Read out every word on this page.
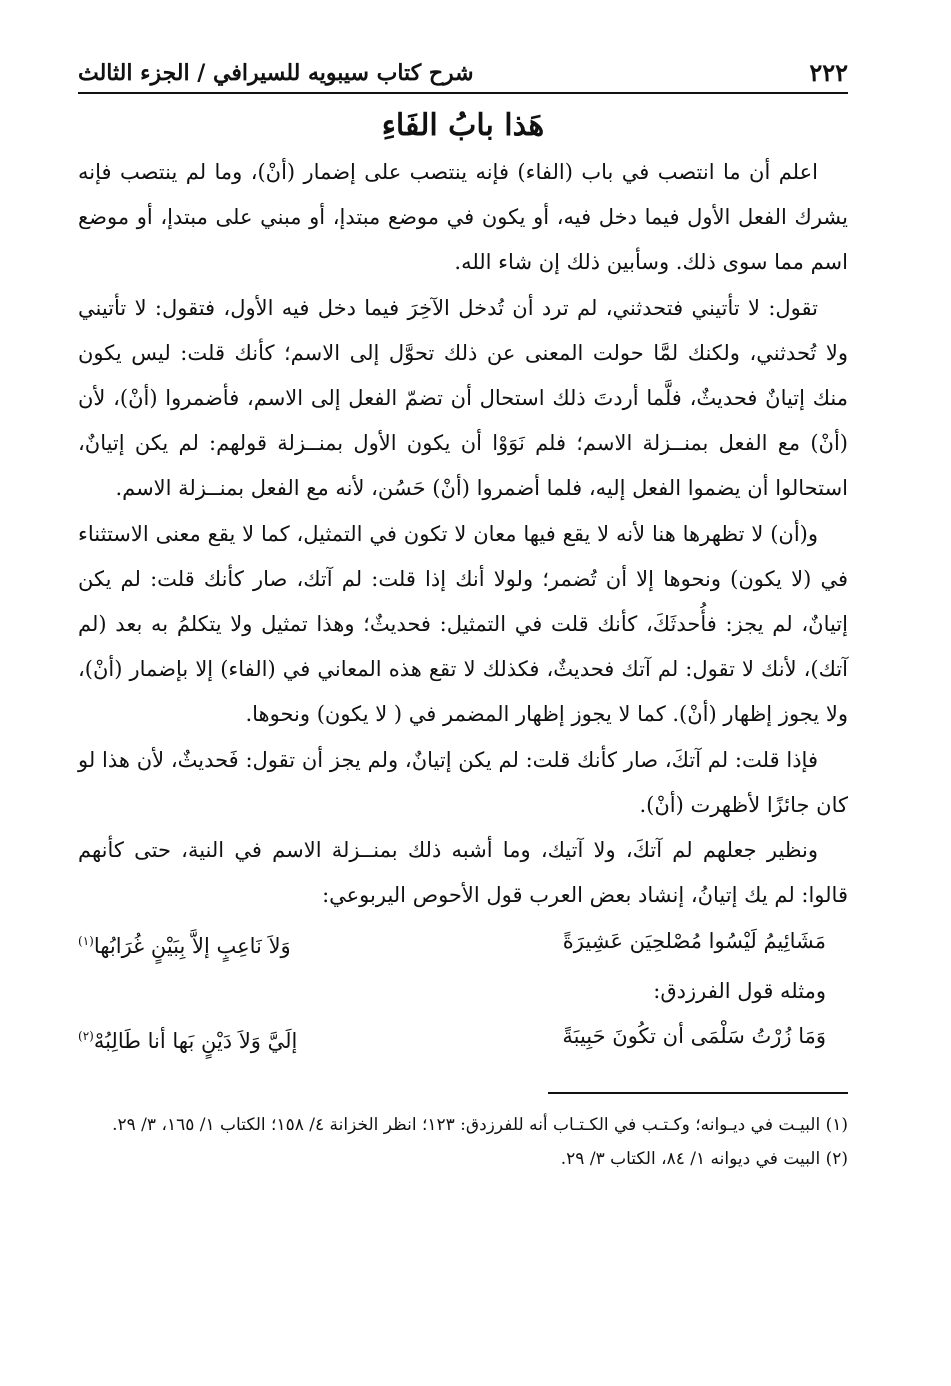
٢٢٢
شرح كتاب سيبويه للسيرافي / الجزء الثالث
هَذا بابُ الفَاءِ

اعلم أن ما انتصب في باب (الفاء) فإنه ينتصب على إضمار (أنْ)، وما لم ينتصب فإنه يشرك الفعل الأول فيما دخل فيه، أو يكون في موضع مبتدإ، أو مبني على مبتدإ، أو موضع اسم مما سوى ذلك. وسأبين ذلك إن شاء الله.

تقول: لا تأتيني فتحدثني، لم ترد أن تُدخل الآخِرَ فيما دخل فيه الأول، فتقول: لا تأتيني ولا تُحدثني، ولكنك لمَّا حولت المعنى عن ذلك تحوَّل إلى الاسم؛ كأنك قلت: ليس يكون منك إتيانٌ فحديثٌ، فلَّما أردتَ ذلك استحال أن تضمّ الفعل إلى الاسم، فأضمروا (أنْ)، لأن (أنْ) مع الفعل بمنــزلة الاسم؛ فلم نَوَوْا أن يكون الأول بمنــزلة قولهم: لم يكن إتيانٌ، استحالوا أن يضموا الفعل إليه، فلما أضمروا (أنْ) حَسُن، لأنه مع الفعل بمنــزلة الاسم.

و(أن) لا تظهرها هنا لأنه لا يقع فيها معان لا تكون في التمثيل، كما لا يقع معنى الاستثناء في (لا يكون) ونحوها إلا أن تُضمر؛ ولولا أنك إذا قلت: لم آتك، صار كأنك قلت: لم يكن إتيانٌ، لم يجز: فأُحدثَكَ، كأنك قلت في التمثيل: فحديثٌ؛ وهذا تمثيل ولا يتكلمُ به بعد (لم آتك)، لأنك لا تقول: لم آتك فحديثٌ، فكذلك لا تقع هذه المعاني في (الفاء) إلا بإضمار (أنْ)، ولا يجوز إظهار (أنْ). كما لا يجوز إظهار المضمر في ( لا يكون) ونحوها.

فإذا قلت: لم آتكَ، صار كأنك قلت: لم يكن إتيانٌ، ولم يجز أن تقول: فَحديثٌ، لأن هذا لو كان جائزًا لأظهرت (أنْ).

ونظير جعلهم لم آتكَ، ولا آتيك، وما أشبه ذلك بمنــزلة الاسم في النية، حتى كأنهم قالوا: لم يك إتيانُ، إنشاد بعض العرب قول الأحوص اليربوعي:

مَشَائِيمُ لَيْسُوا مُصْلحِيَن عَشِيرَةً
وَلاَ نَاعِبٍ إلاَّ بِبَيْنٍ غُرَابُها$^{(١)}$

ومثله قول الفرزدق:

وَمَا زُرْتُ سَلْمَى أن تكُونَ حَبِيبَةً
إلَيَّ وَلاَ دَيْنٍ بَها أنا طَالِبُهْ$^{(٢)}$

(١) البيـت في ديـوانه؛ وكـتـب في الكـتـاب أنه للفرزدق: ١٢٣؛ انظر الخزانة ٤/ ١٥٨؛ الكتاب ١/ ١٦٥، ٣/ ٢٩.

(٢) البيت في ديوانه ١/ ٨٤، الكتاب ٣/ ٢٩.
